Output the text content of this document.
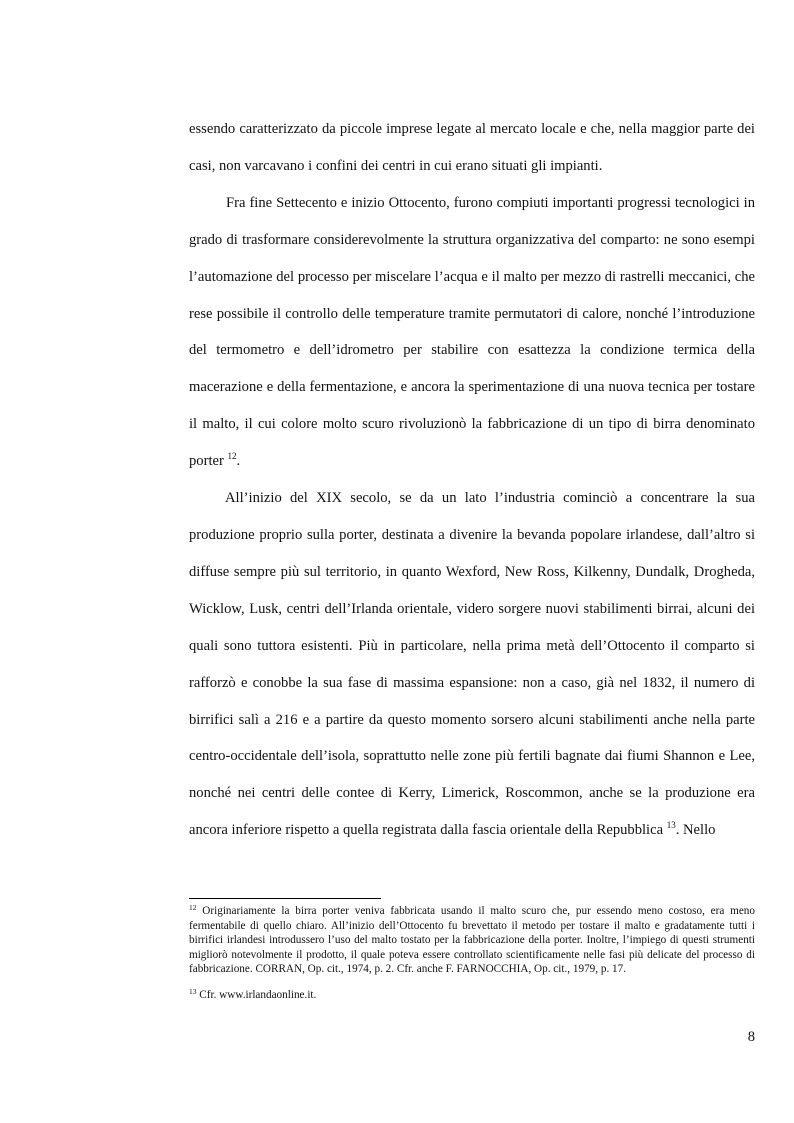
essendo caratterizzato da piccole imprese legate al mercato locale e che, nella maggior parte dei casi, non varcavano i confini dei centri in cui erano situati gli impianti.

Fra fine Settecento e inizio Ottocento, furono compiuti importanti progressi tecnologici in grado di trasformare considerevolmente la struttura organizzativa del comparto: ne sono esempi l’automazione del processo per miscelare l’acqua e il malto per mezzo di rastrelli meccanici, che rese possibile il controllo delle temperature tramite permutatori di calore, nonché l’introduzione del termometro e dell’idrometro per stabilire con esattezza la condizione termica della macerazione e della fermentazione, e ancora la sperimentazione di una nuova tecnica per tostare il malto, il cui colore molto scuro rivoluzionò la fabbricazione di un tipo di birra denominato porter $^{12}$.

All’inizio del XIX secolo, se da un lato l’industria cominciò a concentrare la sua produzione proprio sulla porter, destinata a divenire la bevanda popolare irlandese, dall’altro si diffuse sempre più sul territorio, in quanto Wexford, New Ross, Kilkenny, Dundalk, Drogheda, Wicklow, Lusk, centri dell’Irlanda orientale, videro sorgere nuovi stabilimenti birrai, alcuni dei quali sono tuttora esistenti. Più in particolare, nella prima metà dell’Ottocento il comparto si rafforzò e conobbe la sua fase di massima espansione: non a caso, già nel 1832, il numero di birrifici salì a 216 e a partire da questo momento sorsero alcuni stabilimenti anche nella parte centro-occidentale dell’isola, soprattutto nelle zone più fertili bagnate dai fiumi Shannon e Lee, nonché nei centri delle contee di Kerry, Limerick, Roscommon, anche se la produzione era ancora inferiore rispetto a quella registrata dalla fascia orientale della Repubblica $^{13}$. Nello

$^{12}$ Originariamente la birra porter veniva fabbricata usando il malto scuro che, pur essendo meno costoso, era meno fermentabile di quello chiaro. All’inizio dell’Ottocento fu brevettato il metodo per tostare il malto e gradatamente tutti i birrifici irlandesi introdussero l’uso del malto tostato per la fabbricazione della porter. Inoltre, l’impiego di questi strumenti migliorò notevolmente il prodotto, il quale poteva essere controllato scientificamente nelle fasi più delicate del processo di fabbricazione. CORRAN, Op. cit., 1974, p. 2. Cfr. anche F. FARNOCCHIA, Op. cit., 1979, p. 17.

$^{13}$ Cfr. www.irlandaonline.it.

8
